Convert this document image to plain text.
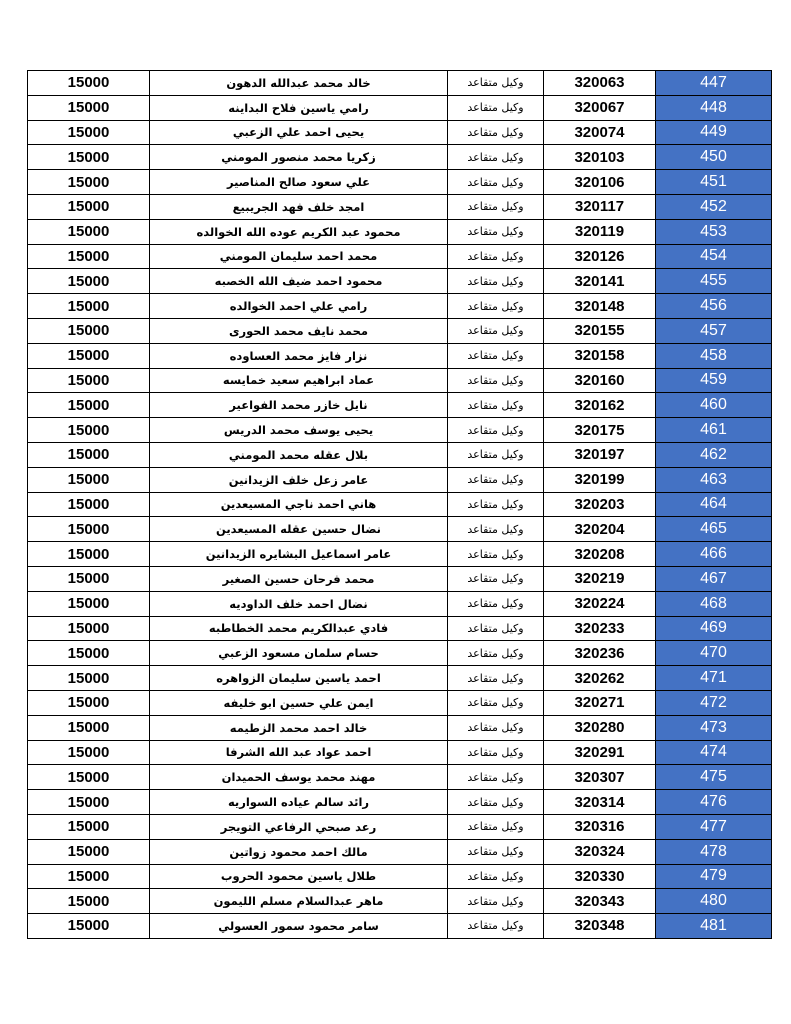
15000	خالد محمد عبدالله الدهون	وكيل متقاعد	320063	447
15000	رامي ياسين فلاح البداينه	وكيل متقاعد	320067	448
15000	يحيى احمد علي الزعبي	وكيل متقاعد	320074	449
15000	زكريا محمد منصور المومني	وكيل متقاعد	320103	450
15000	علي سعود صالح المناصير	وكيل متقاعد	320106	451
15000	امجد خلف فهد الجريبيع	وكيل متقاعد	320117	452
15000	محمود عبد الكريم عوده الله الخوالده	وكيل متقاعد	320119	453
15000	محمد احمد سليمان المومني	وكيل متقاعد	320126	454
15000	محمود احمد ضيف الله الخصبه	وكيل متقاعد	320141	455
15000	رامي علي احمد الخوالده	وكيل متقاعد	320148	456
15000	محمد نايف محمد الحورى	وكيل متقاعد	320155	457
15000	نزار فايز محمد العساوده	وكيل متقاعد	320158	458
15000	عماد ابراهيم سعيد خمايسه	وكيل متقاعد	320160	459
15000	نايل خازر محمد الفواعير	وكيل متقاعد	320162	460
15000	يحيى يوسف محمد الدريس	وكيل متقاعد	320175	461
15000	بلال عقله محمد المومني	وكيل متقاعد	320197	462
15000	عامر زعل خلف الزيدانين	وكيل متقاعد	320199	463
15000	هاني احمد ناجي المسيعدين	وكيل متقاعد	320203	464
15000	نضال حسين عقله المسيعدين	وكيل متقاعد	320204	465
15000	عامر اسماعيل البشايره الزيدانين	وكيل متقاعد	320208	466
15000	محمد فرحان حسين الصغير	وكيل متقاعد	320219	467
15000	نضال احمد خلف الداوديه	وكيل متقاعد	320224	468
15000	فادي عبدالكريم محمد الخطاطبه	وكيل متقاعد	320233	469
15000	حسام سلمان مسعود الزعبي	وكيل متقاعد	320236	470
15000	احمد ياسين سليمان الزواهره	وكيل متقاعد	320262	471
15000	ايمن علي حسين ابو خليفه	وكيل متقاعد	320271	472
15000	خالد احمد محمد الزطيمه	وكيل متقاعد	320280	473
15000	احمد عواد عبد الله الشرفا	وكيل متقاعد	320291	474
15000	مهند محمد يوسف الحميدان	وكيل متقاعد	320307	475
15000	رائد سالم عياده السواريه	وكيل متقاعد	320314	476
15000	رعد صبحي الرفاعي التويجر	وكيل متقاعد	320316	477
15000	مالك احمد محمود زواتين	وكيل متقاعد	320324	478
15000	طلال ياسين محمود الحروب	وكيل متقاعد	320330	479
15000	ماهر عبدالسلام مسلم الليمون	وكيل متقاعد	320343	480
15000	سامر محمود سمور العسولي	وكيل متقاعد	320348	481
